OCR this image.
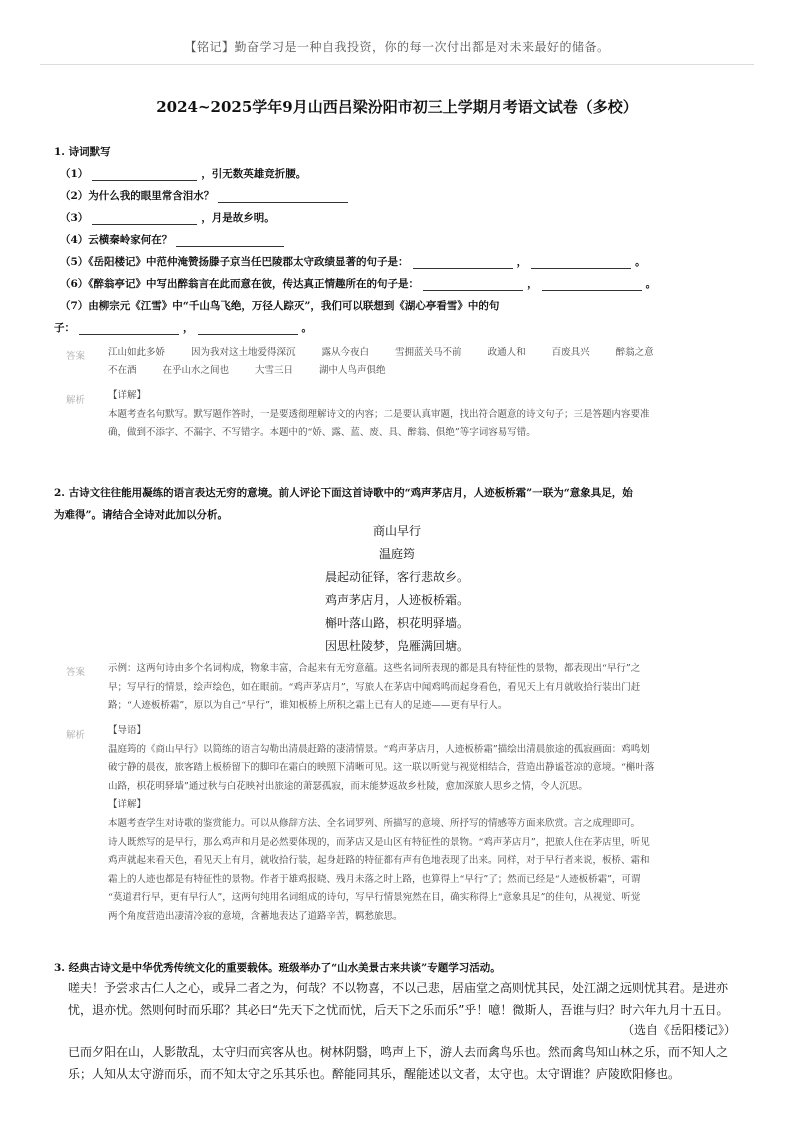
【铭记】勤奋学习是一种自我投资，你的每一次付出都是对未来最好的储备。
2024~2025学年9月山西吕梁汾阳市初三上学期月考语文试卷（多校）
1. 诗词默写
（1）	，引无数英雄竞折腰。
（2）为什么我的眼里常含泪水？
（3）	，月是故乡明。
（4）云横秦岭家何在？
（5）《岳阳楼记》中范仲淹赞扬滕子京当任巴陵郡太守政绩显著的句子是：	，	。
（6）《醉翁亭记》中写出醉翁言在此而意在彼，传达真正情趣所在的句子是：	，	。
（7）由柳宗元《江雪》中“千山鸟飞绝，万径人踪灭”，我们可以联想到《湖心亭看雪》中的句
子：	，	。
答案 江山如此多娇	因为我对这土地爱得深沉	露从今夜白	雪拥蓝关马不前	政通人和	百废具兴	醉翁之意
不在酒	在乎山水之间也	大雪三日	湖中人鸟声俱绝
解析 【详解】
本题考查名句默写。默写题作答时，一是要透彻理解诗文的内容；二是要认真审题，找出符合题意的诗文句子；三是答题内容要准
确，做到不添字、不漏字、不写错字。本题中的“娇、露、蓝、废、具、醉翁、俱绝”等字词容易写错。
2. 古诗文往往能用凝练的语言表达无穷的意境。前人评论下面这首诗歌中的“鸡声茅店月，人迹板桥霜”一联为“意象具足，始
为难得”。请结合全诗对此加以分析。
商山早行
温庭筠
晨起动征铎，客行悲故乡。
鸡声茅店月，人迹板桥霜。
槲叶落山路，枳花明驿墙。
因思杜陵梦，凫雁满回塘。
答案 示例：这两句诗由多个名词构成，物象丰富，合起来有无穷意蕴。这些名词所表现的都是具有特征性的景物，都表现出“早行”之
早；写早行的情景，绘声绘色，如在眼前。“鸡声茅店月”，写旅人在茅店中闻鸡鸣而起身看色，看见天上有月就收拾行装出门赶
路；“人迹板桥霜”，原以为自己“早行”，谁知板桥上所积之霜上已有人的足迹——更有早行人。
解析 【导语】
温庭筠的《商山早行》以简练的语言勾勒出清晨赶路的凄清情景。“鸡声茅店月，人迹板桥霜”描绘出清晨旅途的孤寂画面：鸡鸣划
破宁静的晨夜，旅客踏上板桥留下的脚印在霜白的映照下清晰可见。这一联以听觉与视觉相结合，营造出静谧苍凉的意境。“槲叶落
山路，枳花明驿墙”通过秋与白花映衬出旅途的萧瑟孤寂，而末能梦返故乡杜陵，愈加深旅人思乡之情，令人沉思。
【详解】
本题考查学生对诗歌的鉴赏能力。可以从修辞方法、全名词罗列、所描写的意境、所抒写的情感等方面来欣赏。言之成理即可。
诗人既然写的是早行，那么鸡声和月是必然要体现的，而茅店又是山区有特征性的景物。“鸡声茅店月”，把旅人住在茅店里，听见
鸡声就起来看天色，看见天上有月，就收拾行装，起身赶路的特征都有声有色地表现了出来。同样，对于早行者来说，板桥、霜和
霜上的人迹也都是有特征性的景物。作者于雄鸡报晓、残月未落之时上路，也算得上“早行”了；然而已经是“人迹板桥霜”，可谓
“莫道君行早，更有早行人”，这两句纯用名词组成的诗句，写早行情景宛然在目，确实称得上“意象具足”的佳句，从视觉、听觉
两个角度营造出凄清冷寂的意境，含蓄地表达了道路辛苦，羁愁旅思。
3. 经典古诗文是中华优秀传统文化的重要载体。班级举办了“山水美景古来共谈”专题学习活动。
嗟夫！予尝求古仁人之心，或异二者之为，何哉？不以物喜，不以己悲，居庙堂之高则忧其民，处江湖之远则忧其君。是进亦
忧，退亦忧。然则何时而乐耶？其必曰“先天下之忧而忧，后天下之乐而乐”乎！噫！微斯人，吾谁与归？时六年九月十五日。
（选自《岳阳楼记》）
已而夕阳在山，人影散乱，太守归而宾客从也。树林阴翳，鸣声上下，游人去而禽鸟乐也。然而禽鸟知山林之乐，而不知人之
乐；人知从太守游而乐，而不知太守之乐其乐也。醉能同其乐，醒能述以文者，太守也。太守谓谁？庐陵欧阳修也。
